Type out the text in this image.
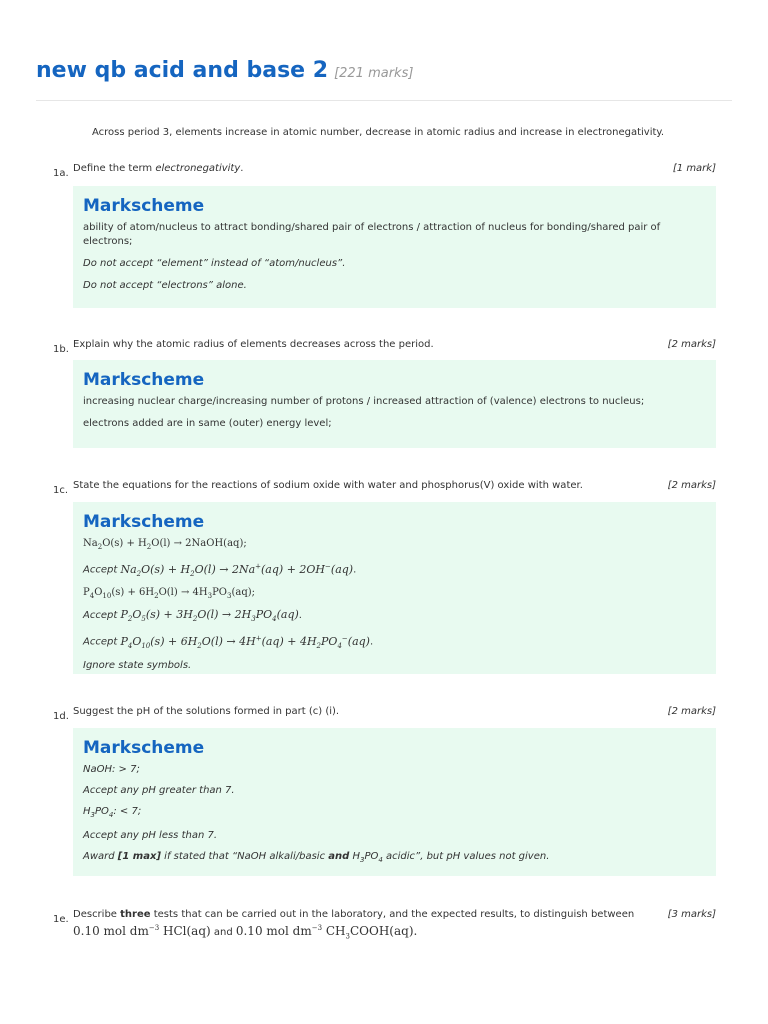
new qb acid and base 2 [221 marks]
Across period 3, elements increase in atomic number, decrease in atomic radius and increase in electronegativity.
1a. Define the term electronegativity.	[1 mark]
Markscheme

ability of atom/nucleus to attract bonding/shared pair of electrons / attraction of nucleus for bonding/shared pair of electrons;

Do not accept “element” instead of “atom/nucleus”.

Do not accept “electrons” alone.

1b. Explain why the atomic radius of elements decreases across the period.	[2 marks]
Markscheme

increasing nuclear charge/increasing number of protons / increased attraction of (valence) electrons to nucleus;

electrons added are in same (outer) energy level;

1c. State the equations for the reactions of sodium oxide with water and phosphorus(V) oxide with water.	[2 marks]
Markscheme

$Na_2O(s) + H_2O(l)$ → 2NaOH(aq);

Accept $Na_2O(s) + H_2O(l) \to 2Na^+(aq) + 2OH^-(aq)$.

$P_4O_{10}(s) + 6H_2O(l) \to 4H_3PO_3(aq)$;

Accept $P_2O_5(s) + 3H_2O(l) \to 2H_3PO_4(aq)$.

Accept $P_4O_{10}(s) + 6H_2O(l) \to 4H^+(aq) + 4H_2PO_4^-(aq)$.

Ignore state symbols.

1d. Suggest the pH of the solutions formed in part (c) (i).	[2 marks]
Markscheme

NaOH: > 7;

Accept any pH greater than 7.

$H_3PO_4$: < 7;

Accept any pH less than 7.

Award [1 max] if stated that “NaOH alkali/basic and $H_3PO_4$ acidic”, but pH values not given.

1e. Describe three tests that can be carried out in the laboratory, and the expected results, to distinguish between	[3 marks]
0.10 mol $dm^{-3}$ HCl(aq) and 0.10 mol $dm^{-3}$ $CH_3COOH(aq)$.
